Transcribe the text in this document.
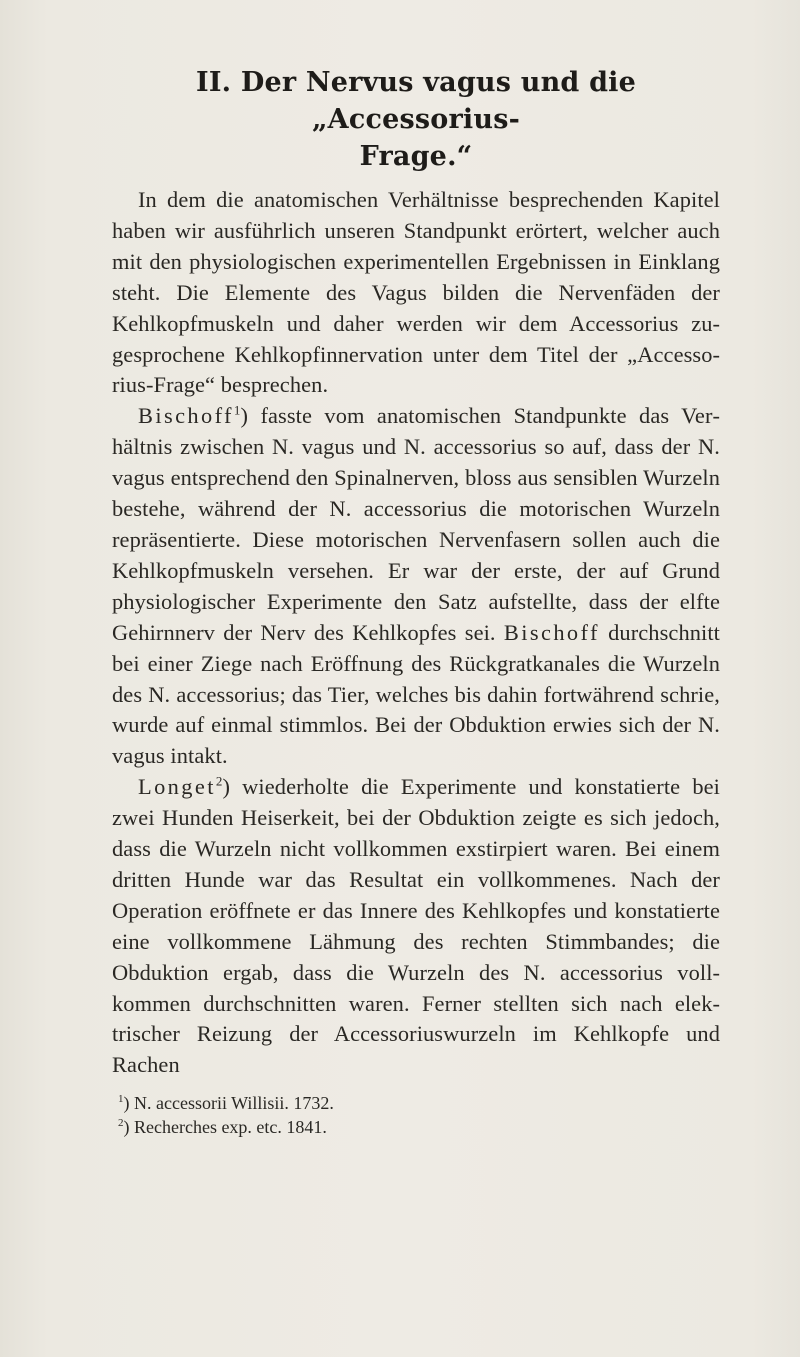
II. Der Nervus vagus und die „Accessorius-
Frage.“

In dem die anatomischen Verhältnisse besprechenden Kapitel haben wir ausführlich unseren Standpunkt erörtert, welcher auch mit den physiologischen experimentellen Ergebnissen in Einklang steht. Die Elemente des Vagus bilden die Nervenfäden der Kehlkopfmuskeln und daher werden wir dem Accessorius zugesprochene Kehlkopfinnervation unter dem Titel der „Accessorius-Frage“ besprechen.

Bischoff$^1$) fasste vom anatomischen Standpunkte das Verhältnis zwischen N. vagus und N. accessorius so auf, dass der N. vagus entsprechend den Spinalnerven, bloss aus sensiblen Wurzeln bestehe, während der N. accessorius die motorischen Wurzeln repräsentierte. Diese motorischen Nervenfasern sollen auch die Kehlkopfmuskeln versehen. Er war der erste, der auf Grund physiologischer Experimente den Satz aufstellte, dass der elfte Gehirnnerv der Nerv des Kehlkopfes sei. Bischoff durchschnitt bei einer Ziege nach Eröffnung des Rückgratkanales die Wurzeln des N. accessorius; das Tier, welches bis dahin fortwährend schrie, wurde auf einmal stimmlos. Bei der Obduktion erwies sich der N. vagus intakt.

Longet$^2$) wiederholte die Experimente und konstatierte bei zwei Hunden Heiserkeit, bei der Obduktion zeigte es sich jedoch, dass die Wurzeln nicht vollkommen exstirpiert waren. Bei einem dritten Hunde war das Resultat ein vollkommenes. Nach der Operation eröffnete er das Innere des Kehlkopfes und konstatierte eine vollkommene Lähmung des rechten Stimmbandes; die Obduktion ergab, dass die Wurzeln des N. accessorius vollkommen durchschnitten waren. Ferner stellten sich nach elektrischer Reizung der Accessoriuswurzeln im Kehlkopfe und Rachen

$^1$) N. accessorii Willisii. 1732.
$^2$) Recherches exp. etc. 1841.
